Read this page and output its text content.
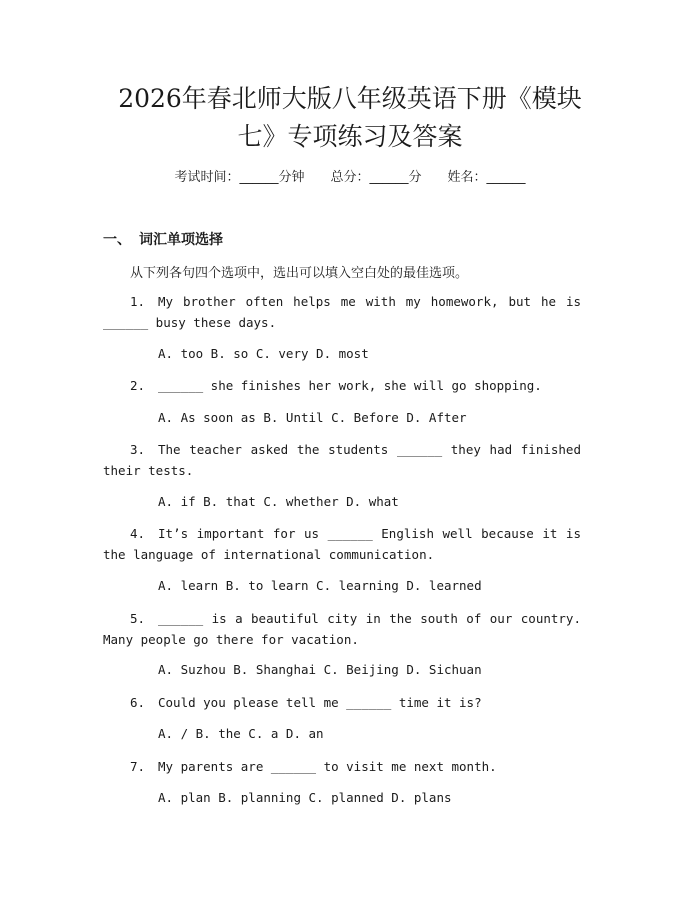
2026年春北师大版八年级英语下册《模块
七》专项练习及答案
考试时间：______分钟 总分：______分 姓名：______
一、 词汇单项选择
从下列各句四个选项中，选出可以填入空白处的最佳选项。
1. My brother often helps me with my homework, but he is ______ busy these days.
A. too B. so C. very D. most
2. ______ she finishes her work, she will go shopping.
A. As soon as B. Until C. Before D. After
3. The teacher asked the students ______ they had finished their tests.
A. if B. that C. whether D. what
4. It’s important for us ______ English well because it is the language of international communication.
A. learn B. to learn C. learning D. learned
5. ______ is a beautiful city in the south of our country. Many people go there for vacation.
A. Suzhou B. Shanghai C. Beijing D. Sichuan
6. Could you please tell me ______ time it is?
A. / B. the C. a D. an
7. My parents are ______ to visit me next month.
A. plan B. planning C. planned D. plans
